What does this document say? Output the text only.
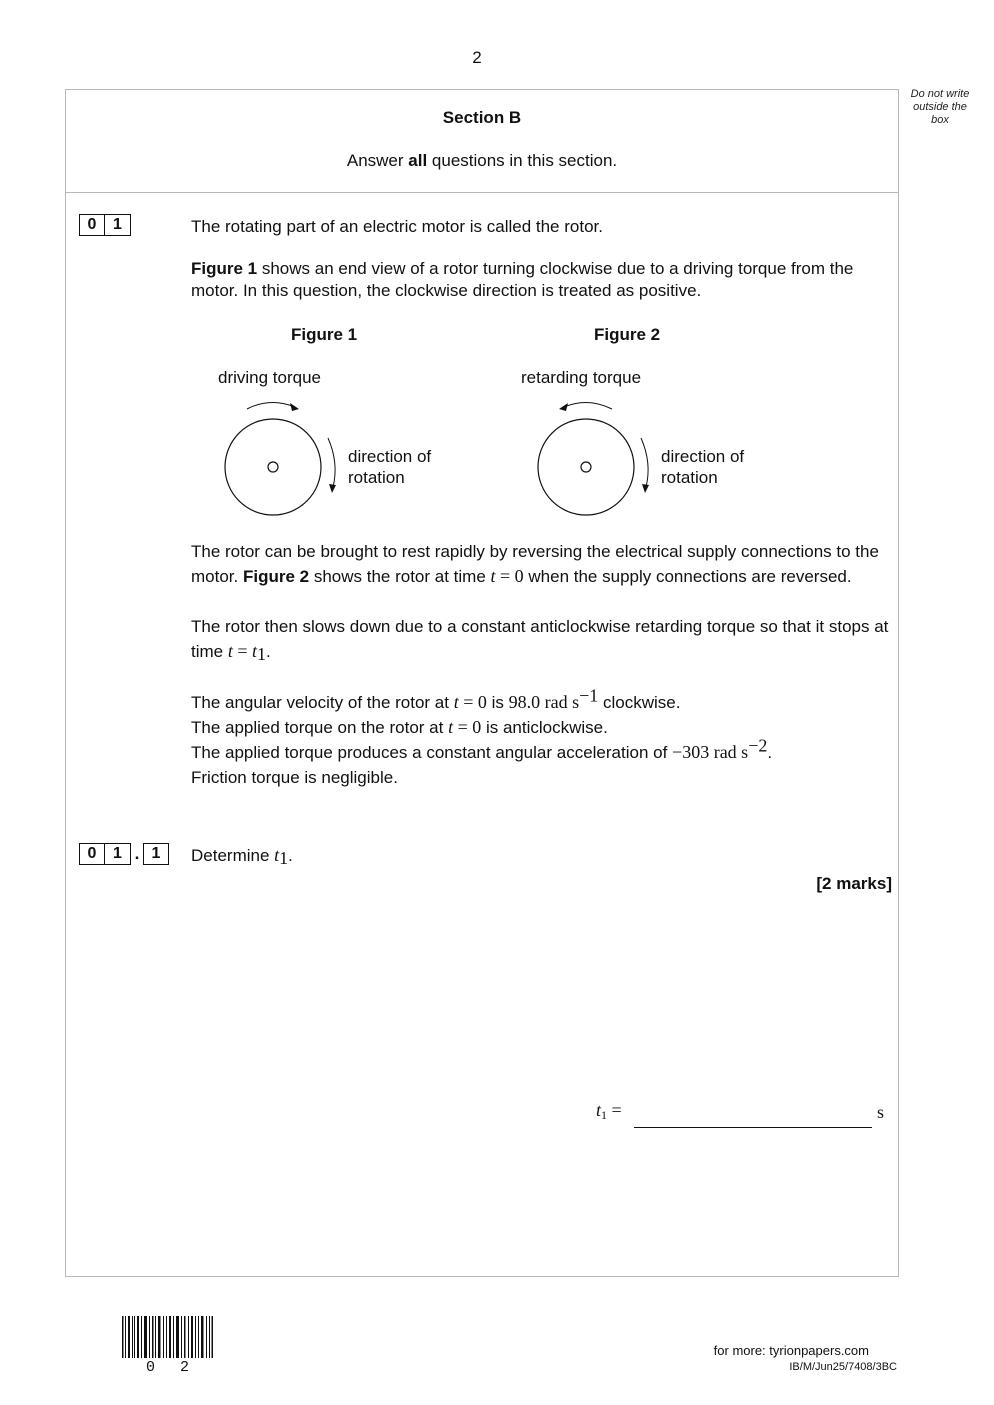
2
Do not write outside the box
Section B
Answer all questions in this section.
0	1	The rotating part of an electric motor is called the rotor.
Figure 1 shows an end view of a rotor turning clockwise due to a driving torque from the motor. In this question, the clockwise direction is treated as positive.
Figure 1
driving torque
direction of
rotation
Figure 2
retarding torque
direction of
rotation
The rotor can be brought to rest rapidly by reversing the electrical supply connections to the motor. Figure 2 shows the rotor at time t = 0 when the supply connections are reversed.
The rotor then slows down due to a constant anticlockwise retarding torque so that it stops at time $t = t_1$.
The angular velocity of the rotor at t = 0 is 98.0 rad $s^{-1}$ clockwise.
The applied torque on the rotor at t = 0 is anticlockwise.
The applied torque produces a constant angular acceleration of −303 rad $s^{-2}$.
Friction torque is negligible.
0	1 . 1	Determine $t_1$.
[2 marks]
$t_1$ =	s
0 2
for more: tyrionpapers.com
IB/M/Jun25/7408/3BC
